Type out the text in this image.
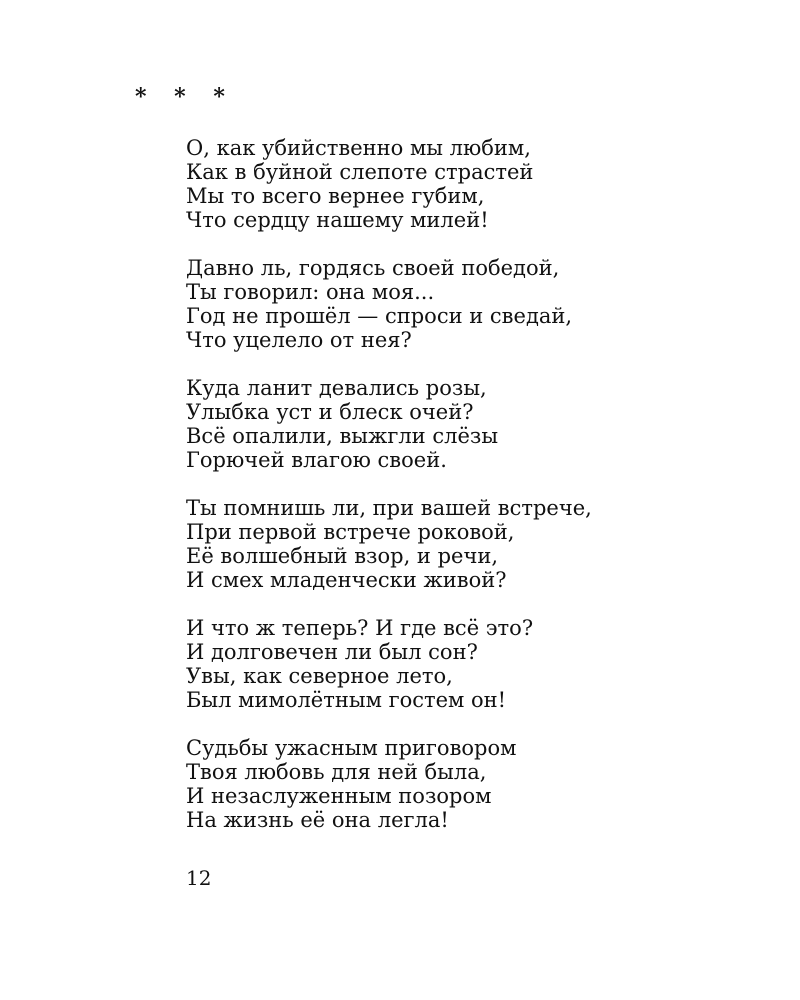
* * *
О, как убийственно мы любим,
Как в буйной слепоте страстей
Мы то всего вернее губим,
Что сердцу нашему милей!
Давно ль, гордясь своей победой,
Ты говорил: она моя...
Год не прошёл — спроси и сведай,
Что уцелело от нея?
Куда ланит девались розы,
Улыбка уст и блеск очей?
Всё опалили, выжгли слёзы
Горючей влагою своей.
Ты помнишь ли, при вашей встрече,
При первой встрече роковой,
Её волшебный взор, и речи,
И смех младенчески живой?
И что ж теперь? И где всё это?
И долговечен ли был сон?
Увы, как северное лето,
Был мимолётным гостем он!
Судьбы ужасным приговором
Твоя любовь для ней была,
И незаслуженным позором
На жизнь её она легла!
12
